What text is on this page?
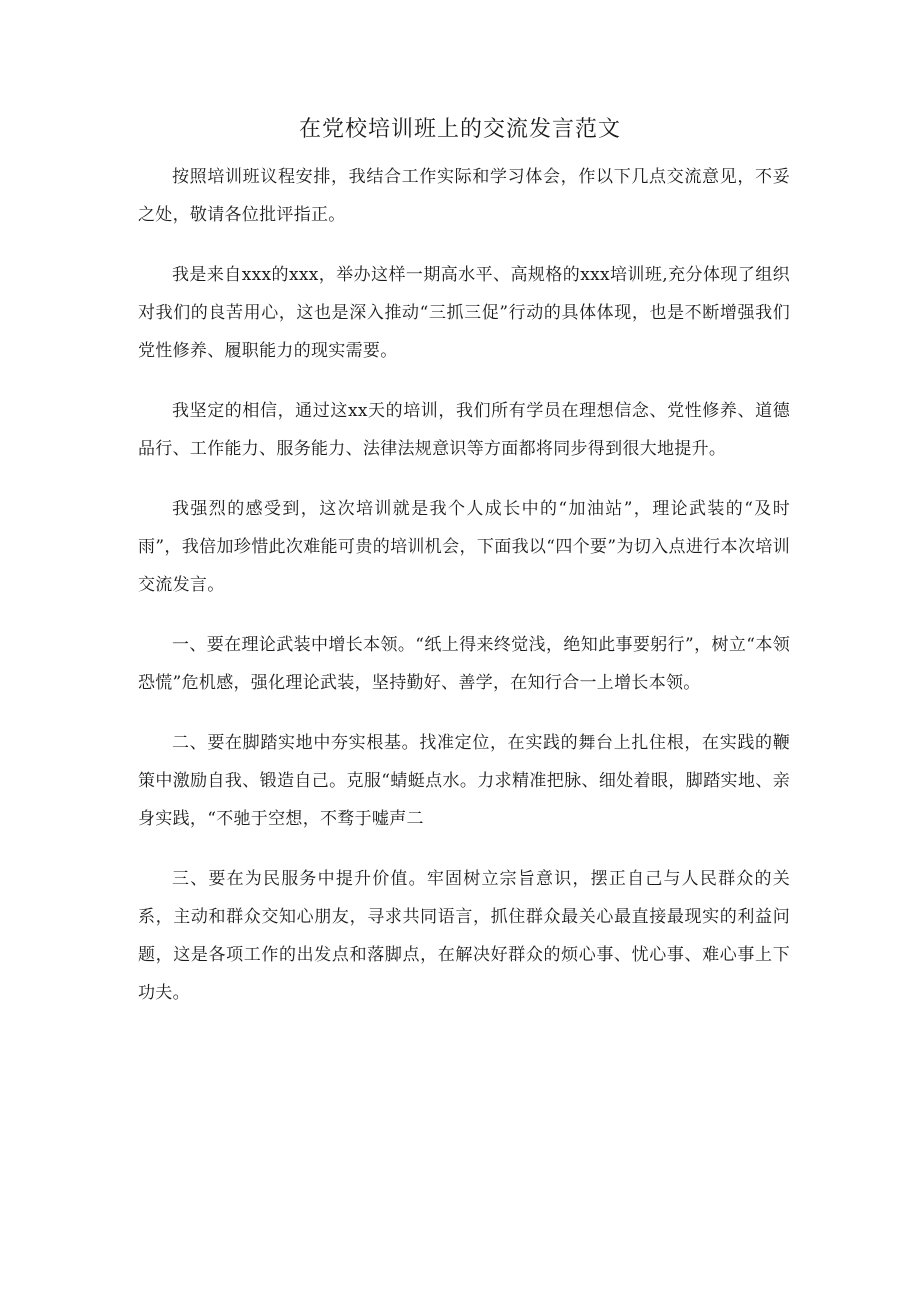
在党校培训班上的交流发言范文

按照培训班议程安排，我结合工作实际和学习体会，作以下几点交流意见，不妥之处，敬请各位批评指正。

我是来自xxx的xxx，举办这样一期高水平、高规格的xxx培训班,充分体现了组织对我们的良苦用心，这也是深入推动“三抓三促”行动的具体体现，也是不断增强我们党性修养、履职能力的现实需要。

我坚定的相信，通过这xx天的培训，我们所有学员在理想信念、党性修养、道德品行、工作能力、服务能力、法律法规意识等方面都将同步得到很大地提升。

我强烈的感受到，这次培训就是我个人成长中的“加油站”，理论武装的“及时雨”，我倍加珍惜此次难能可贵的培训机会，下面我以“四个要”为切入点进行本次培训交流发言。

一、要在理论武装中增长本领。“纸上得来终觉浅，绝知此事要躬行”，树立“本领恐慌”危机感，强化理论武装，坚持勤好、善学，在知行合一上增长本领。

二、要在脚踏实地中夯实根基。找准定位，在实践的舞台上扎住根，在实践的鞭策中激励自我、锻造自己。克服“蜻蜓点水。力求精准把脉、细处着眼，脚踏实地、亲身实践，“不驰于空想，不骛于嘘声二

三、要在为民服务中提升价值。牢固树立宗旨意识，摆正自己与人民群众的关系，主动和群众交知心朋友，寻求共同语言，抓住群众最关心最直接最现实的利益问题，这是各项工作的出发点和落脚点，在解决好群众的烦心事、忧心事、难心事上下功夫。
